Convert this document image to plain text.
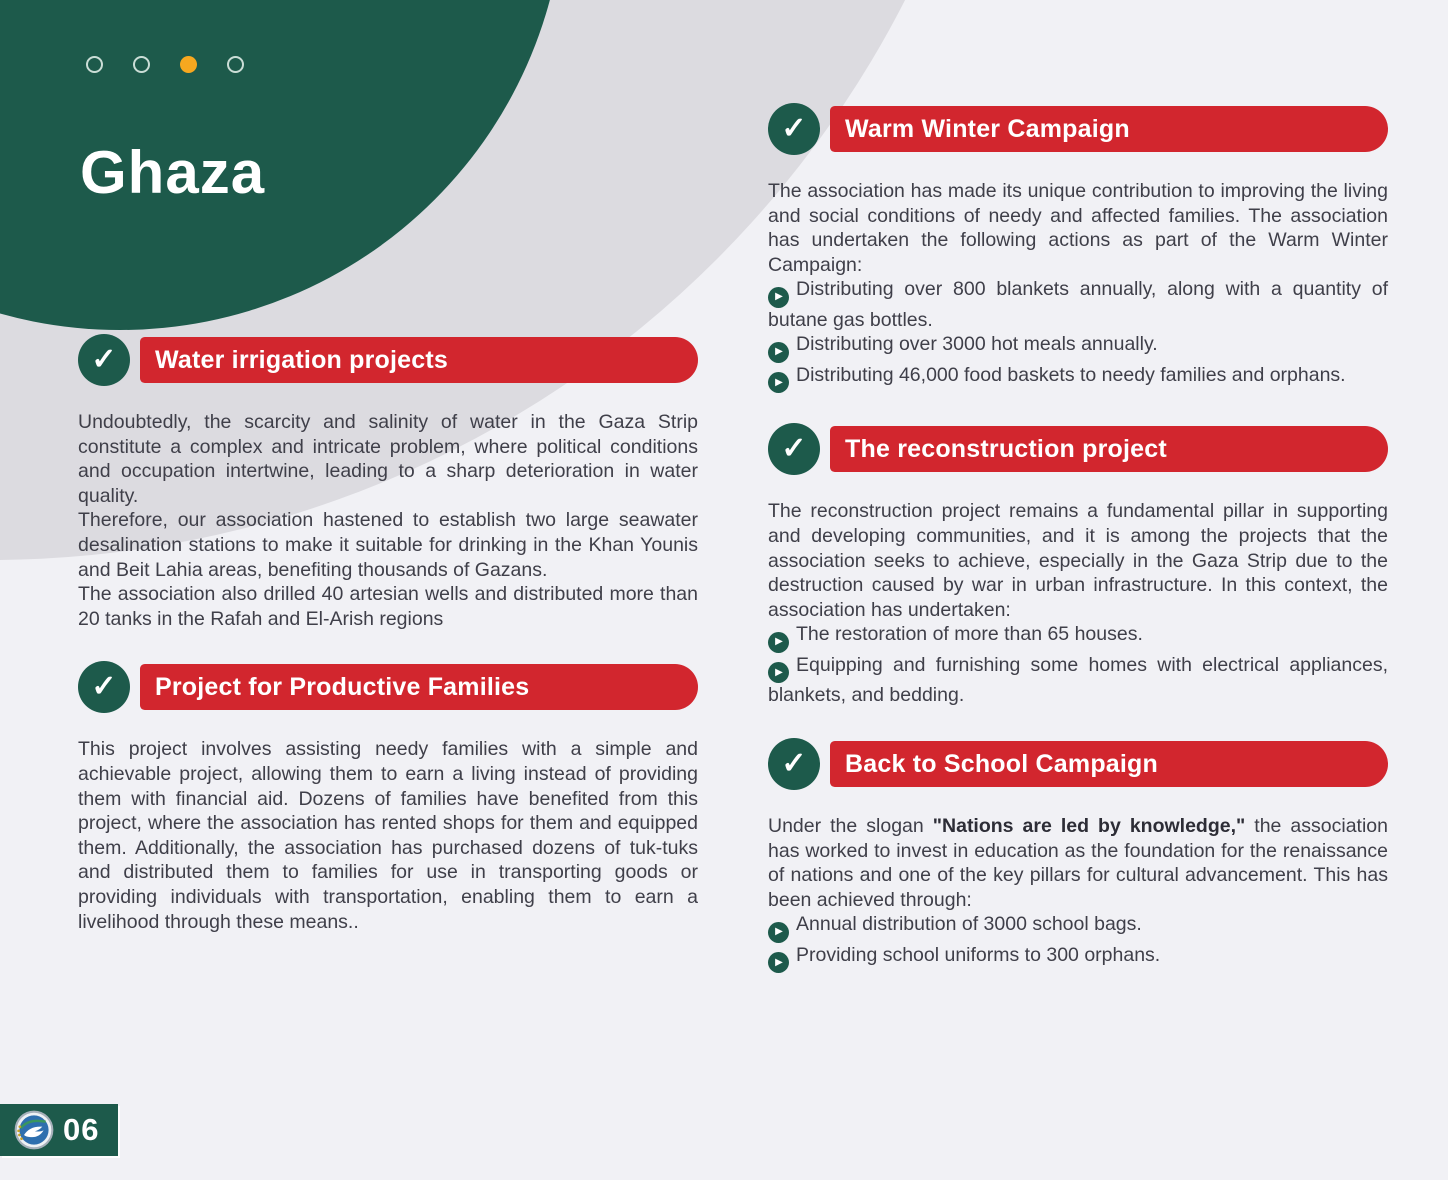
Ghaza
✓	Water irrigation projects

Undoubtedly, the scarcity and salinity of water in the Gaza Strip constitute a complex and intricate problem, where political conditions and occupation intertwine, leading to a sharp deterioration in water quality.

Therefore, our association hastened to establish two large seawater desalination stations to make it suitable for drinking in the Khan Younis and Beit Lahia areas, benefiting thousands of Gazans.

The association also drilled 40 artesian wells and distributed more than 20 tanks in the Rafah and El-Arish regions

✓	Project for Productive Families

This project involves assisting needy families with a simple and achievable project, allowing them to earn a living instead of providing them with financial aid. Dozens of families have benefited from this project, where the association has rented shops for them and equipped them. Additionally, the association has purchased dozens of tuk-tuks and distributed them to families for use in transporting goods or providing individuals with transportation, enabling them to earn a livelihood through these means..

✓	Warm Winter Campaign

The association has made its unique contribution to improving the living and social conditions of needy and affected families. The association has undertaken the following actions as part of the Warm Winter Campaign:

▶ Distributing over 800 blankets annually, along with a quantity of butane gas bottles.

▶ Distributing over 3000 hot meals annually.

▶ Distributing 46,000 food baskets to needy families and orphans.

✓	The reconstruction project

The reconstruction project remains a fundamental pillar in supporting and developing communities, and it is among the projects that the association seeks to achieve, especially in the Gaza Strip due to the destruction caused by war in urban infrastructure. In this context, the association has undertaken:

▶ The restoration of more than 65 houses.

▶ Equipping and furnishing some homes with electrical appliances, blankets, and bedding.

✓	Back to School Campaign

Under the slogan "Nations are led by knowledge," the association has worked to invest in education as the foundation for the renaissance of nations and one of the key pillars for cultural advancement. This has been achieved through:

▶ Annual distribution of 3000 school bags.

▶ Providing school uniforms to 300 orphans.

06
